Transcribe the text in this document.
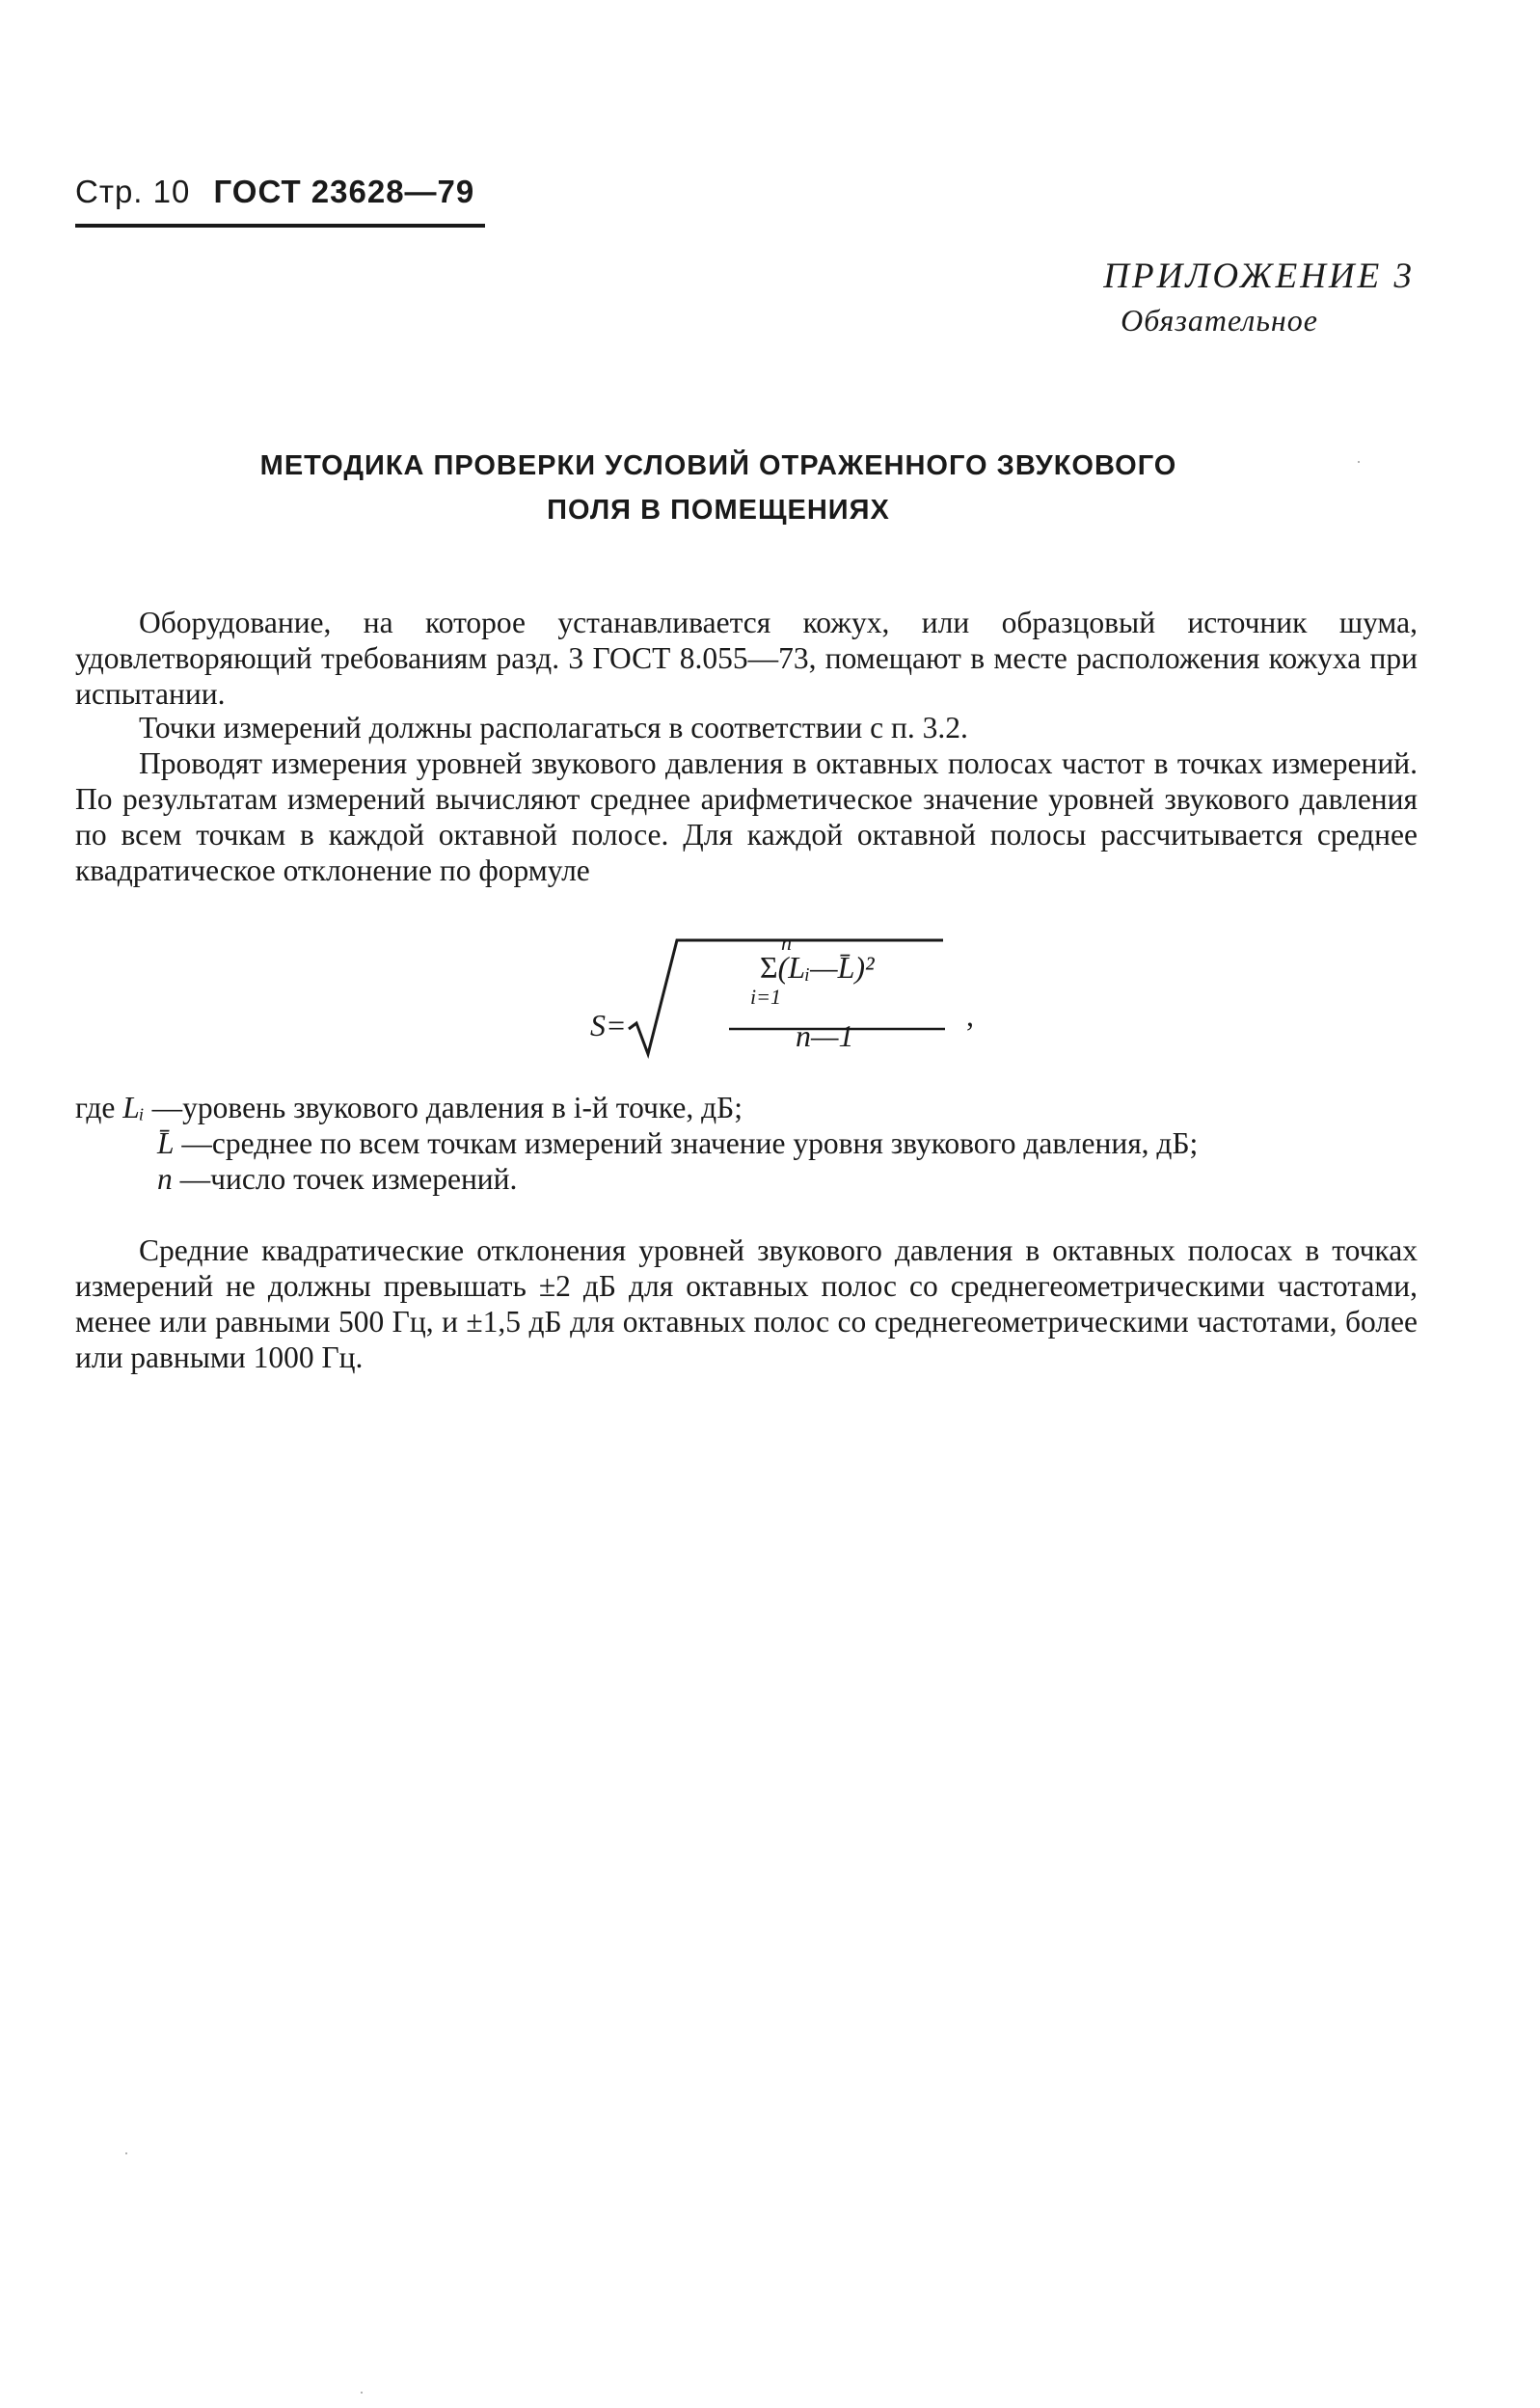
Стр. 10 ГОСТ 23628—79
ПРИЛОЖЕНИЕ 3
Обязательное
МЕТОДИКА ПРОВЕРКИ УСЛОВИЙ ОТРАЖЕННОГО ЗВУКОВОГО
ПОЛЯ В ПОМЕЩЕНИЯХ

Оборудование, на которое устанавливается кожух, или образцовый источник шума, удовлетворяющий требованиям разд. 3 ГОСТ 8.055—73, помещают в месте расположения кожуха при испытании.

Точки измерений должны располагаться в соответствии с п. 3.2.

Проводят измерения уровней звукового давления в октавных полосах частот в точках измерений. По результатам измерений вычисляют среднее арифметическое значение уровней звукового давления по всем точкам в каждой октавной полосе. Для каждой октавной полосы рассчитывается среднее квадратическое отклонение по формуле

S=
n
Σ(Lᵢ—L̄)²
i=1
n—1
,
где Lᵢ — уровень звукового давления в i-й точке, дБ;
L̄ — среднее по всем точкам измерений значение уровня звукового давления, дБ;
n — число точек измерений.

Средние квадратические отклонения уровней звукового давления в октавных полосах в точках измерений не должны превышать ±2 дБ для октавных полос со среднегеометрическими частотами, менее или равными 500 Гц, и ±1,5 дБ для октавных полос со среднегеометрическими частотами, более или равными 1000 Гц.
